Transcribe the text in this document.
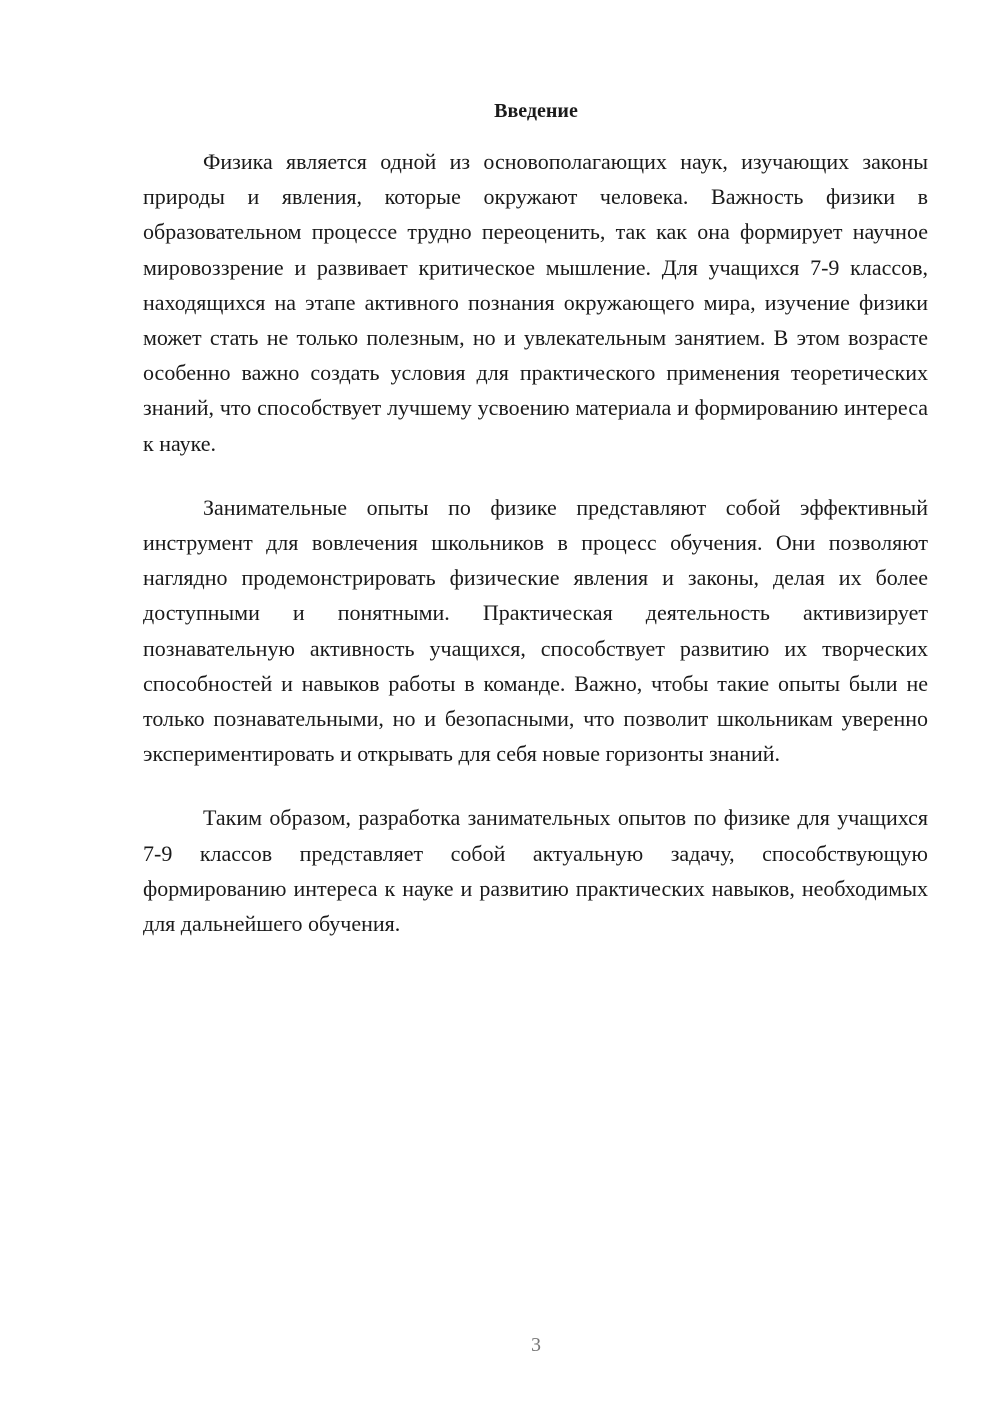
Введение

Физика является одной из основополагающих наук, изучающих законы природы и явления, которые окружают человека. Важность физики в образовательном процессе трудно переоценить, так как она формирует научное мировоззрение и развивает критическое мышление. Для учащихся 7-9 классов, находящихся на этапе активного познания окружающего мира, изучение физики может стать не только полезным, но и увлекательным занятием. В этом возрасте особенно важно создать условия для практического применения теоретических знаний, что способствует лучшему усвоению материала и формированию интереса к науке.

Занимательные опыты по физике представляют собой эффективный инструмент для вовлечения школьников в процесс обучения. Они позволяют наглядно продемонстрировать физические явления и законы, делая их более доступными и понятными. Практическая деятельность активизирует познавательную активность учащихся, способствует развитию их творческих способностей и навыков работы в команде. Важно, чтобы такие опыты были не только познавательными, но и безопасными, что позволит школьникам уверенно экспериментировать и открывать для себя новые горизонты знаний.

Таким образом, разработка занимательных опытов по физике для учащихся 7-9 классов представляет собой актуальную задачу, способствующую формированию интереса к науке и развитию практических навыков, необходимых для дальнейшего обучения.

3
